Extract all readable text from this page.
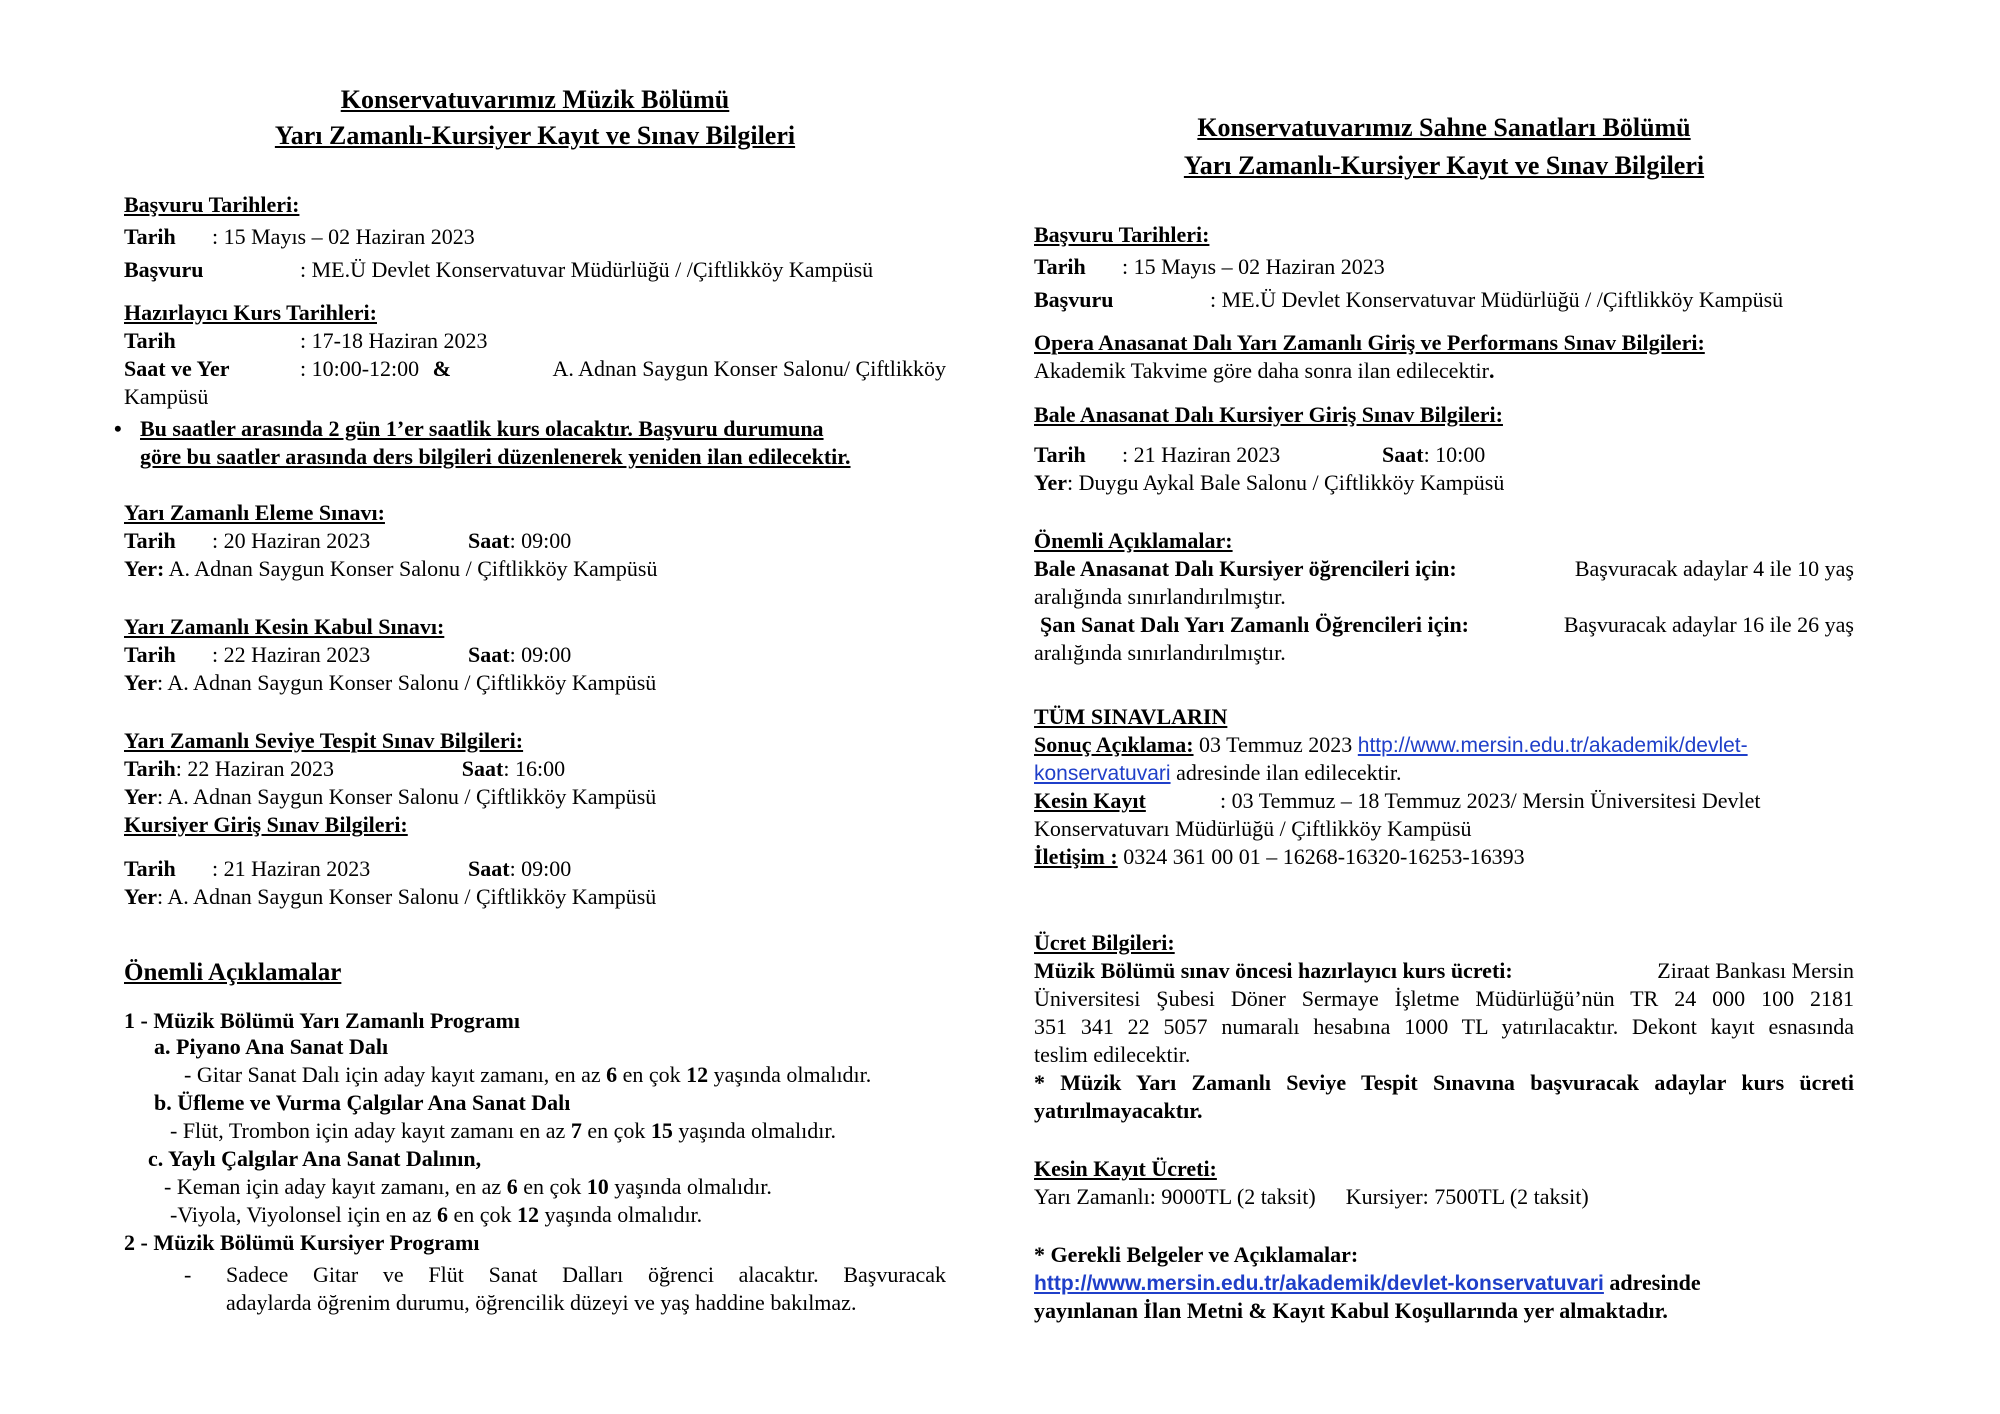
Konservatuvarımız Müzik Bölümü
Yarı Zamanlı-Kursiyer Kayıt ve Sınav Bilgileri
Başvuru Tarihleri:
Tarih : 15 Mayıs – 02 Haziran 2023
Başvuru	: ME.Ü Devlet Konservatuvar Müdürlüğü / /Çiftlikköy Kampüsü
Hazırlayıcı Kurs Tarihleri:
Tarih	: 17-18 Haziran 2023
Saat ve Yer	: 10:00-12:00 &	A. Adnan Saygun Konser Salonu/ Çiftlikköy
Kampüsü
• Bu saatler arasında 2 gün 1’er saatlik kurs olacaktır. Başvuru durumuna
göre bu saatler arasında ders bilgileri düzenlenerek yeniden ilan edilecektir.
Yarı Zamanlı Eleme Sınavı:
Tarih : 20 Haziran 2023	Saat: 09:00
Yer: A. Adnan Saygun Konser Salonu / Çiftlikköy Kampüsü
Yarı Zamanlı Kesin Kabul Sınavı:
Tarih : 22 Haziran 2023	Saat: 09:00
Yer: A. Adnan Saygun Konser Salonu / Çiftlikköy Kampüsü
Yarı Zamanlı Seviye Tespit Sınav Bilgileri:
Tarih: 22 Haziran 2023	Saat: 16:00
Yer: A. Adnan Saygun Konser Salonu / Çiftlikköy Kampüsü
Kursiyer Giriş Sınav Bilgileri:
Tarih : 21 Haziran 2023	Saat: 09:00
Yer: A. Adnan Saygun Konser Salonu / Çiftlikköy Kampüsü
Önemli Açıklamalar
1 - Müzik Bölümü Yarı Zamanlı Programı
a. Piyano Ana Sanat Dalı
- Gitar Sanat Dalı için aday kayıt zamanı, en az 6 en çok 12 yaşında olmalıdır.
b. Üfleme ve Vurma Çalgılar Ana Sanat Dalı
- Flüt, Trombon için aday kayıt zamanı en az 7 en çok 15 yaşında olmalıdır.
c. Yaylı Çalgılar Ana Sanat Dalının,
- Keman için aday kayıt zamanı, en az 6 en çok 10 yaşında olmalıdır.
-Viyola, Viyolonsel için en az 6 en çok 12 yaşında olmalıdır.
2 - Müzik Bölümü Kursiyer Programı
- Sadece Gitar ve Flüt Sanat Dalları öğrenci alacaktır. Başvuracak
adaylarda öğrenim durumu, öğrencilik düzeyi ve yaş haddine bakılmaz.
Konservatuvarımız Sahne Sanatları Bölümü
Yarı Zamanlı-Kursiyer Kayıt ve Sınav Bilgileri
Başvuru Tarihleri:
Tarih : 15 Mayıs – 02 Haziran 2023
Başvuru	: ME.Ü Devlet Konservatuvar Müdürlüğü / /Çiftlikköy Kampüsü
Opera Anasanat Dalı Yarı Zamanlı Giriş ve Performans Sınav Bilgileri:
Akademik Takvime göre daha sonra ilan edilecektir.
Bale Anasanat Dalı Kursiyer Giriş Sınav Bilgileri:
Tarih : 21 Haziran 2023	Saat: 10:00
Yer: Duygu Aykal Bale Salonu / Çiftlikköy Kampüsü
Önemli Açıklamalar:
Bale Anasanat Dalı Kursiyer öğrencileri için:	Başvuracak adaylar 4 ile 10 yaş
aralığında sınırlandırılmıştır.
Şan Sanat Dalı Yarı Zamanlı Öğrencileri için:	Başvuracak adaylar 16 ile 26 yaş
aralığında sınırlandırılmıştır.
TÜM SINAVLARIN
Sonuç Açıklama: 03 Temmuz 2023 http://www.mersin.edu.tr/akademik/devlet-
konservatuvari adresinde ilan edilecektir.
Kesin Kayıt	: 03 Temmuz – 18 Temmuz 2023/ Mersin Üniversitesi Devlet
Konservatuvarı Müdürlüğü / Çiftlikköy Kampüsü
İletişim : 0324 361 00 01 – 16268-16320-16253-16393
Ücret Bilgileri:
Müzik Bölümü sınav öncesi hazırlayıcı kurs ücreti:	Ziraat Bankası Mersin
Üniversitesi Şubesi Döner Sermaye İşletme Müdürlüğü’nün TR 24 000 100 2181
351 341 22 5057 numaralı hesabına 1000 TL yatırılacaktır. Dekont kayıt esnasında
teslim edilecektir.
* Müzik Yarı Zamanlı Seviye Tespit Sınavına başvuracak adaylar kurs ücreti
yatırılmayacaktır.
Kesin Kayıt Ücreti:
Yarı Zamanlı: 9000TL (2 taksit) Kursiyer: 7500TL (2 taksit)
* Gerekli Belgeler ve Açıklamalar:
http://www.mersin.edu.tr/akademik/devlet-konservatuvari adresinde
yayınlanan İlan Metni & Kayıt Kabul Koşullarında yer almaktadır.
